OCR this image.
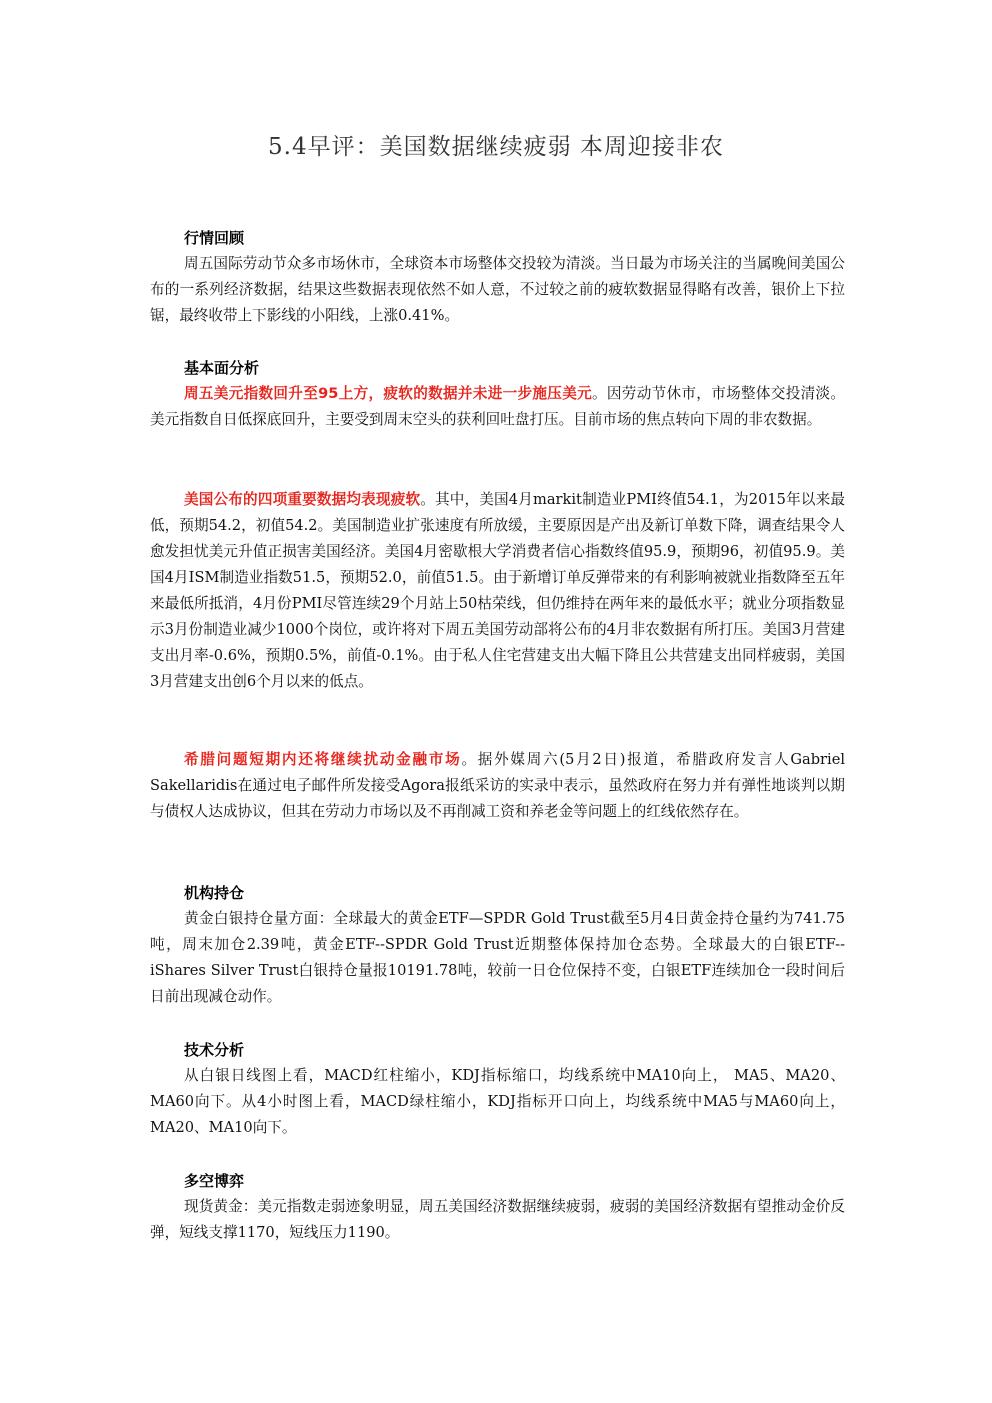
5.4早评：美国数据继续疲弱 本周迎接非农
行情回顾

周五国际劳动节众多市场休市，全球资本市场整体交投较为清淡。当日最为市场关注的当属晚间美国公布的一系列经济数据，结果这些数据表现依然不如人意，不过较之前的疲软数据显得略有改善，银价上下拉锯，最终收带上下影线的小阳线，上涨0.41%。

基本面分析

周五美元指数回升至95上方，疲软的数据并未进一步施压美元。因劳动节休市，市场整体交投清淡。美元指数自日低探底回升，主要受到周末空头的获利回吐盘打压。目前市场的焦点转向下周的非农数据。

美国公布的四项重要数据均表现疲软。其中，美国4月markit制造业PMI终值54.1，为2015年以来最低，预期54.2，初值54.2。美国制造业扩张速度有所放缓，主要原因是产出及新订单数下降，调查结果令人愈发担忧美元升值正损害美国经济。美国4月密歇根大学消费者信心指数终值95.9，预期96，初值95.9。美国4月ISM制造业指数51.5，预期52.0，前值51.5。由于新增订单反弹带来的有利影响被就业指数降至五年来最低所抵消，4月份PMI尽管连续29个月站上50枯荣线，但仍维持在两年来的最低水平；就业分项指数显示3月份制造业减少1000个岗位，或许将对下周五美国劳动部将公布的4月非农数据有所打压。美国3月营建支出月率-0.6%，预期0.5%，前值-0.1%。由于私人住宅营建支出大幅下降且公共营建支出同样疲弱，美国3月营建支出创6个月以来的低点。

希腊问题短期内还将继续扰动金融市场。据外媒周六(5月2日)报道，希腊政府发言人Gabriel　Sakellaridis在通过电子邮件所发接受Agora报纸采访的实录中表示，虽然政府在努力并有弹性地谈判以期与债权人达成协议，但其在劳动力市场以及不再削减工资和养老金等问题上的红线依然存在。

机构持仓

黄金白银持仓量方面：全球最大的黄金ETF—SPDR Gold Trust截至5月4日黄金持仓量约为741.75吨，周末加仓2.39吨，黄金ETF--SPDR Gold Trust近期整体保持加仓态势。全球最大的白银ETF--iShares Silver Trust白银持仓量报10191.78吨，较前一日仓位保持不变，白银ETF连续加仓一段时间后日前出现减仓动作。

技术分析

从白银日线图上看，MACD红柱缩小，KDJ指标缩口，均线系统中MA10向上， MA5、MA20、MA60向下。从4小时图上看，MACD绿柱缩小，KDJ指标开口向上，均线系统中MA5与MA60向上，MA20、MA10向下。

多空博弈

现货黄金：美元指数走弱迹象明显，周五美国经济数据继续疲弱，疲弱的美国经济数据有望推动金价反弹，短线支撑1170，短线压力1190。
